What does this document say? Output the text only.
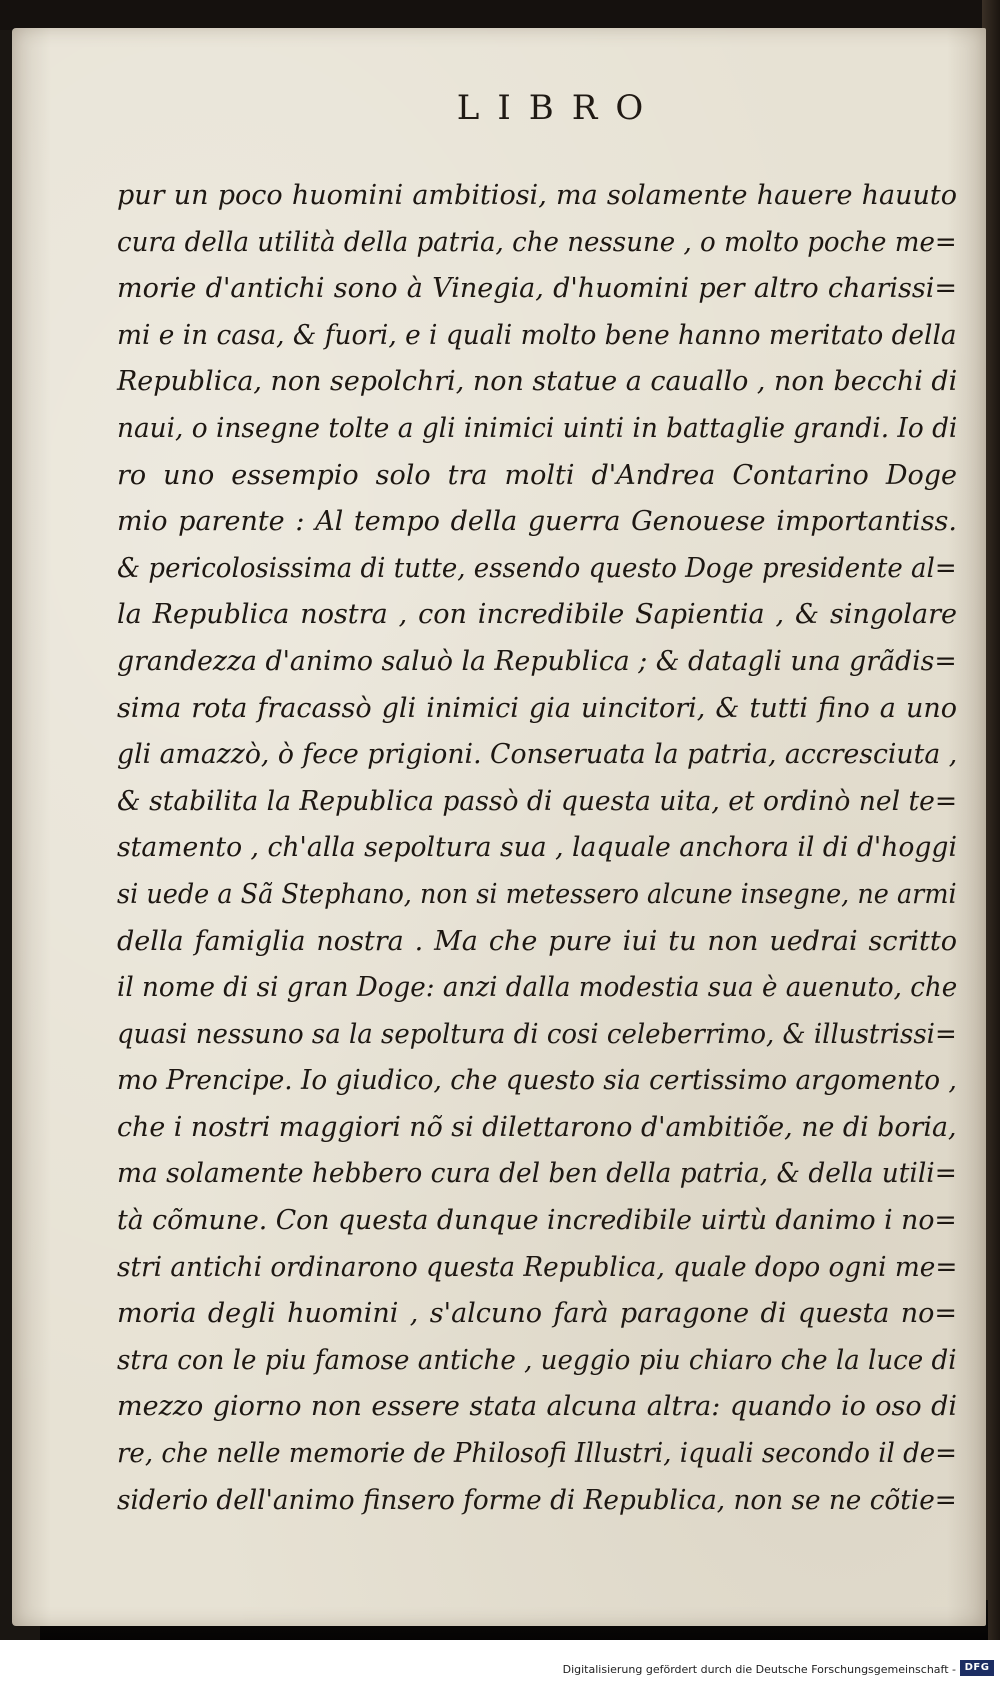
LIBRO
pur un poco huomini ambitiosi, ma solamente hauere hauuto
cura della utilità della patria, che nessune , o molto poche me=
morie d'antichi sono à Vinegia, d'huomini per altro charissi=
mi e in casa, & fuori, e i quali molto bene hanno meritato della
Republica, non sepolchri, non statue a cauallo , non becchi di
naui, o insegne tolte a gli inimici uinti in battaglie grandi. Io di
ro uno essempio solo tra molti d'Andrea Contarino Doge
mio parente : Al tempo della guerra Genouese importantiss.
& pericolosissima di tutte, essendo questo Doge presidente al=
la Republica nostra , con incredibile Sapientia , & singolare
grandezza d'animo saluò la Republica ; & datagli una grãdis=
sima rota fracassò gli inimici gia uincitori, & tutti fino a uno
gli amazzò, ò fece prigioni. Conseruata la patria, accresciuta ,
& stabilita la Republica passò di questa uita, et ordinò nel te=
stamento , ch'alla sepoltura sua , laquale anchora il di d'hoggi
si uede a Sã Stephano, non si metessero alcune insegne, ne armi
della famiglia nostra . Ma che pure iui tu non uedrai scritto
il nome di si gran Doge: anzi dalla modestia sua è auenuto, che
quasi nessuno sa la sepoltura di cosi celeberrimo, & illustrissi=
mo Prencipe. Io giudico, che questo sia certissimo argomento ,
che i nostri maggiori nõ si dilettarono d'ambitiõe, ne di boria,
ma solamente hebbero cura del ben della patria, & della utili=
tà cõmune. Con questa dunque incredibile uirtù danimo i no=
stri antichi ordinarono questa Republica, quale dopo ogni me=
moria degli huomini , s'alcuno farà paragone di questa no=
stra con le piu famose antiche , ueggio piu chiaro che la luce di
mezzo giorno non essere stata alcuna altra: quando io oso di
re, che nelle memorie de Philosofi Illustri, iquali secondo il de=
siderio dell'animo finsero forme di Republica, non se ne cõtie=
Digitalisierung gefördert durch die Deutsche Forschungsgemeinschaft - DFG
